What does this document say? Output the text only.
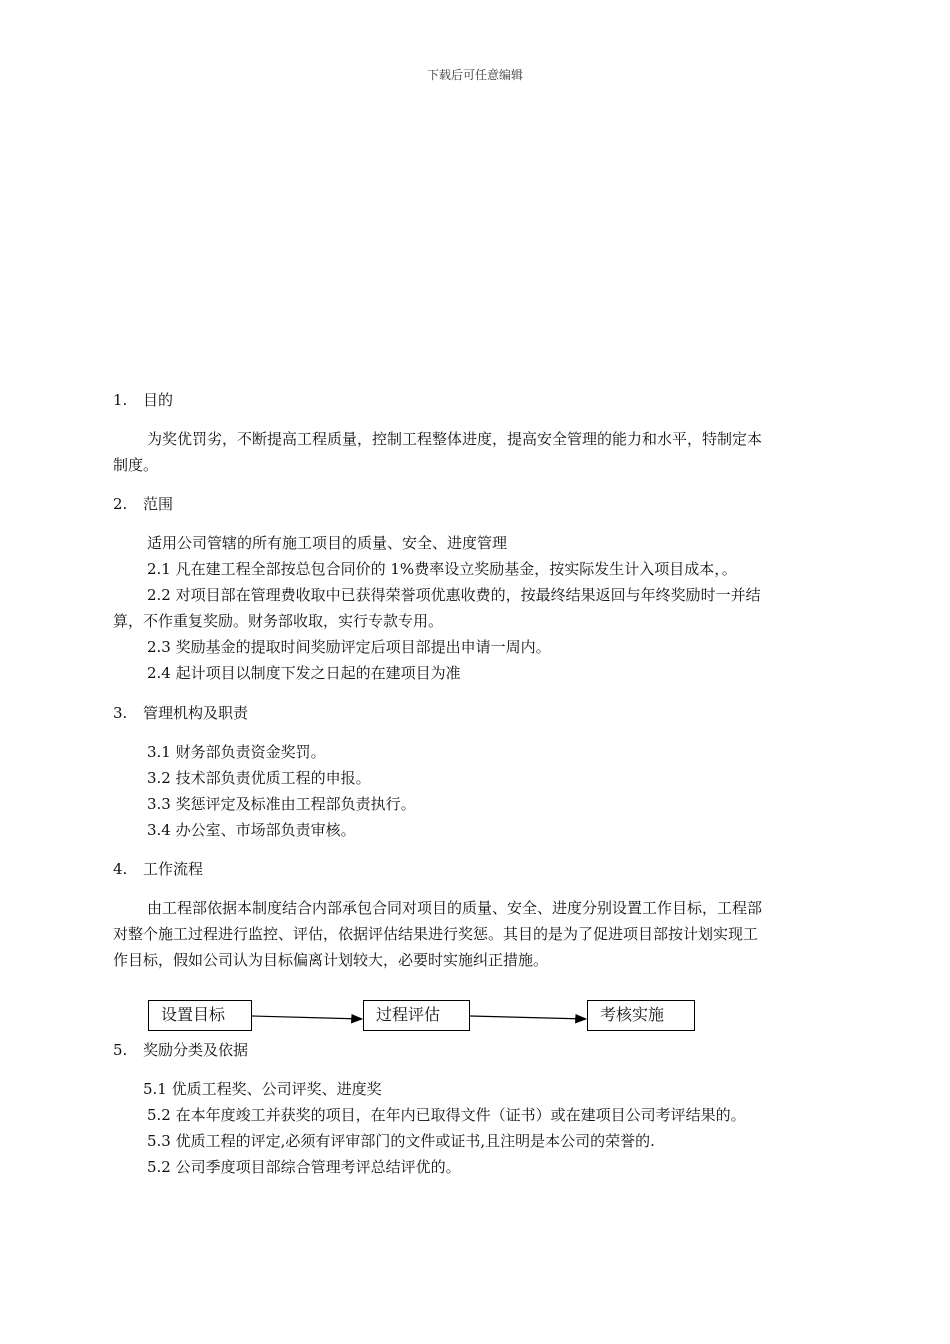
下载后可任意编辑
1. 目的
为奖优罚劣，不断提高工程质量，控制工程整体进度，提高安全管理的能力和水平，特制定本
制度。
2. 范围
适用公司管辖的所有施工项目的质量、安全、进度管理
2.1 凡在建工程全部按总包合同价的 1%费率设立奖励基金，按实际发生计入项目成本，。
2.2 对项目部在管理费收取中已获得荣誉项优惠收费的，按最终结果返回与年终奖励时一并结
算，不作重复奖励。财务部收取，实行专款专用。
2.3 奖励基金的提取时间奖励评定后项目部提出申请一周内。
2.4 起计项目以制度下发之日起的在建项目为准
3. 管理机构及职责
3.1 财务部负责资金奖罚。
3.2 技术部负责优质工程的申报。
3.3 奖惩评定及标准由工程部负责执行。
3.4 办公室、市场部负责审核。
4. 工作流程
由工程部依据本制度结合内部承包合同对项目的质量、安全、进度分别设置工作目标，工程部
对整个施工过程进行监控、评估，依据评估结果进行奖惩。其目的是为了促进项目部按计划实现工
作目标，假如公司认为目标偏离计划较大，必要时实施纠正措施。
设置目标	过程评估	考核实施
5. 奖励分类及依据
5.1 优质工程奖、公司评奖、进度奖
5.2 在本年度竣工并获奖的项目，在年内已取得文件（证书）或在建项目公司考评结果的。
5.3 优质工程的评定,必须有评审部门的文件或证书,且注明是本公司的荣誉的.
5.2 公司季度项目部综合管理考评总结评优的。
